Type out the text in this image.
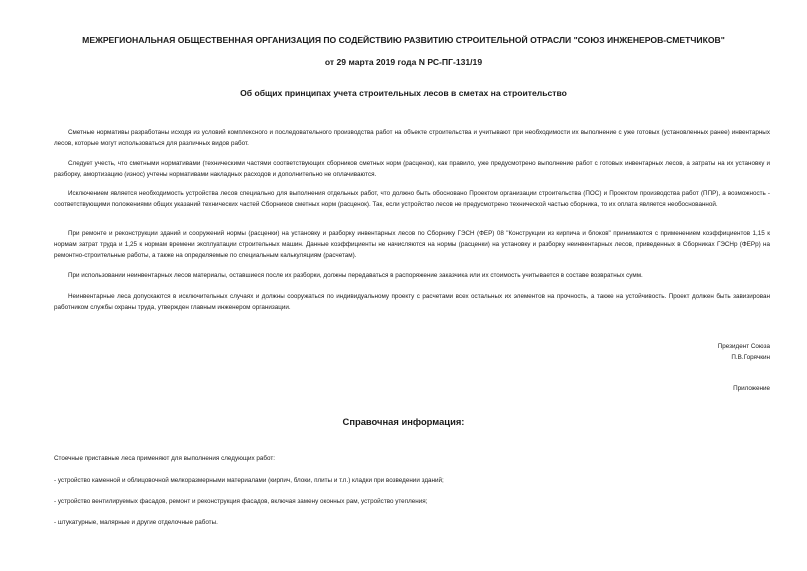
МЕЖРЕГИОНАЛЬНАЯ ОБЩЕСТВЕННАЯ ОРГАНИЗАЦИЯ ПО СОДЕЙСТВИЮ РАЗВИТИЮ СТРОИТЕЛЬНОЙ ОТРАСЛИ "СОЮЗ ИНЖЕНЕРОВ-СМЕТЧИКОВ"
от 29 марта 2019 года N РС-ПГ-131/19
Об общих принципах учета строительных лесов в сметах на строительство
Сметные нормативы разработаны исходя из условий комплексного и последовательного производства работ на объекте строительства и учитывают при необходимости их выполнение с уже готовых (установленных ранее) инвентарных лесов, которые могут использоваться для различных видов работ.
Следует учесть, что сметными нормативами (техническими частями соответствующих сборников сметных норм (расценок), как правило, уже предусмотрено выполнение работ с готовых инвентарных лесов, а затраты на их установку и разборку, амортизацию (износ) учтены нормативами накладных расходов и дополнительно не оплачиваются.
Исключением является необходимость устройства лесов специально для выполнения отдельных работ, что должно быть обосновано Проектом организации строительства (ПОС) и Проектом производства работ (ППР), а возможность - соответствующими положениями общих указаний технических частей Сборников сметных норм (расценок). Так, если устройство лесов не предусмотрено технической частью сборника, то их оплата является необоснованной.
При ремонте и реконструкции зданий и сооружений нормы (расценки) на установку и разборку инвентарных лесов по Сборнику ГЭСН (ФЕР) 08 "Конструкции из кирпича и блоков" принимаются с применением коэффициентов 1,15 к нормам затрат труда и 1,25 к нормам времени эксплуатации строительных машин. Данные коэффициенты не начисляются на нормы (расценки) на установку и разборку неинвентарных лесов, приведенных в Сборниках ГЭСНр (ФЕРр) на ремонтно-строительные работы, а также на определяемые по специальным калькуляциям (расчетам).
При использовании неинвентарных лесов материалы, оставшиеся после их разборки, должны передаваться в распоряжение заказчика или их стоимость учитывается в составе возвратных сумм.
Неинвентарные леса допускаются в исключительных случаях и должны сооружаться по индивидуальному проекту с расчетами всех остальных их элементов на прочность, а также на устойчивость. Проект должен быть завизирован работником службы охраны труда, утвержден главным инженером организации.
Президент Союза
П.В.Горячкин
Приложение
Справочная информация:
Стоечные приставные леса применяют для выполнения следующих работ:
- устройство каменной и облицовочной мелкоразмерными материалами (кирпич, блоки, плиты и т.п.) кладки при возведении зданий;
- устройство вентилируемых фасадов, ремонт и реконструкция фасадов, включая замену оконных рам, устройство утепления;
- штукатурные, малярные и другие отделочные работы.
